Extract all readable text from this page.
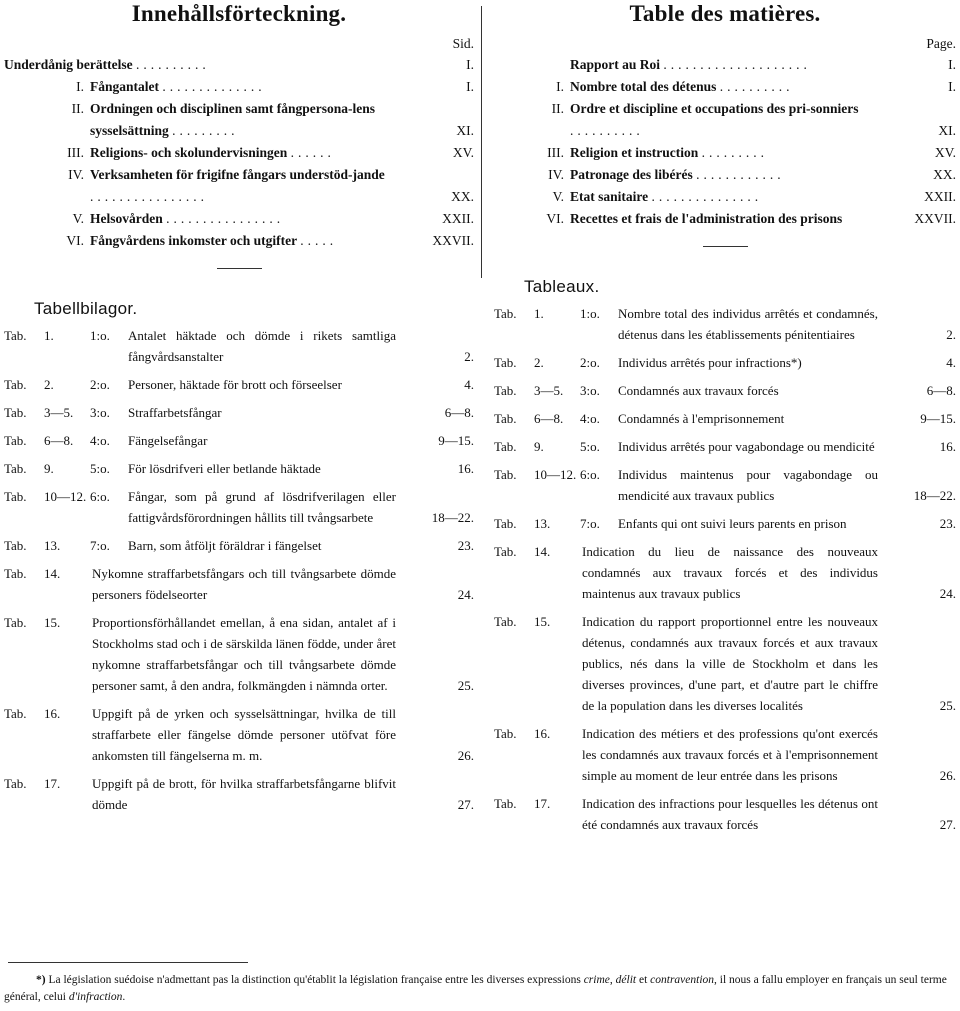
Innehållsförteckning.
Sid.
Underdånig berättelse ..........	I.
I. Fångantalet ..............	I.
II. Ordningen och disciplinen samt fångpersona-lens sysselsättning .........	XI.
III. Religions- och skolundervisningen ......	XV.
IV. Verksamheten för frigifne fångars understöd-jande ................	XX.
V. Helsovården ................	XXII.
VI. Fångvårdens inkomster och utgifter .....	XXVII.
Tabellbilagor.
Tab. 1.	1:o. Antalet häktade och dömde i rikets samtliga fångvårdsanstalter	2.
Tab. 2.	2:o. Personer, häktade för brott och förseelser	4.
Tab. 3—5. 3:o. Straffarbetsfångar	6—8.
Tab. 6—8. 4:o. Fängelsefångar	9—15.
Tab. 9.	5:o. För lösdrifveri eller betlande häktade	16.
Tab. 10—12. 6:o. Fångar, som på grund af lösdrifverilagen eller fattigvårdsförordningen hållits till tvångsarbete	18—22.
Tab. 13. 7:o. Barn, som åtföljt föräldrar i fängelset	23.
Tab. 14. Nykomne straffarbetsfångars och till tvångsarbete dömde personers födelseorter	24.
Tab. 15. Proportionsförhållandet emellan, å ena sidan, antalet af i Stockholms stad och i de särskilda länen födde, under året nykomne straffarbetsfångar och till tvångsarbete dömde personer samt, å den andra, folkmängden i nämnda orter.	25.
Tab. 16. Uppgift på de yrken och sysselsättningar, hvilka de till straffarbete eller fängelse dömde personer utöfvat före ankomsten till fängelserna m. m.	26.
Tab. 17. Uppgift på de brott, för hvilka straffarbetsfångarne blifvit dömde	27.
Table des matières.
Page.
Rapport au Roi ....................	I.
I. Nombre total des détenus ..........	I.
II. Ordre et discipline et occupations des pri-sonniers ..........	XI.
III. Religion et instruction .........	XV.
IV. Patronage des libérés ............	XX.
V. Etat sanitaire ...............	XXII.
VI. Recettes et frais de l'administration des prisons	XXVII.
Tableaux.
Tab. 1.	1:o. Nombre total des individus arrêtés et condamnés, détenus dans les établissements pénitentiaires	2.
Tab. 2.	2:o. Individus arrêtés pour infractions*)	4.
Tab. 3—5. 3:o. Condamnés aux travaux forcés	6—8.
Tab. 6—8. 4:o. Condamnés à l'emprisonnement	9—15.
Tab. 9.	5:o. Individus arrêtés pour vagabondage ou mendicité	16.
Tab. 10—12. 6:o. Individus maintenus pour vagabondage ou mendicité aux travaux publics	18—22.
Tab. 13. 7:o. Enfants qui ont suivi leurs parents en prison	23.
Tab. 14. Indication du lieu de naissance des nouveaux condamnés aux travaux forcés et des individus maintenus aux travaux publics	24.
Tab. 15. Indication du rapport proportionnel entre les nouveaux détenus, condamnés aux travaux forcés et aux travaux publics, nés dans la ville de Stockholm et dans les diverses provinces, d'une part, et d'autre part le chiffre de la population dans les diverses localités	25.
Tab. 16. Indication des métiers et des professions qu'ont exercés les condamnés aux travaux forcés et à l'emprisonnement simple au moment de leur entrée dans les prisons	26.
Tab. 17. Indication des infractions pour lesquelles les détenus ont été condamnés aux travaux forcés	27.
*) La législation suédoise n'admettant pas la distinction qu'établit la législation française entre les diverses expressions crime, délit et contravention, il nous a fallu employer en français un seul terme général, celui d'infraction.
